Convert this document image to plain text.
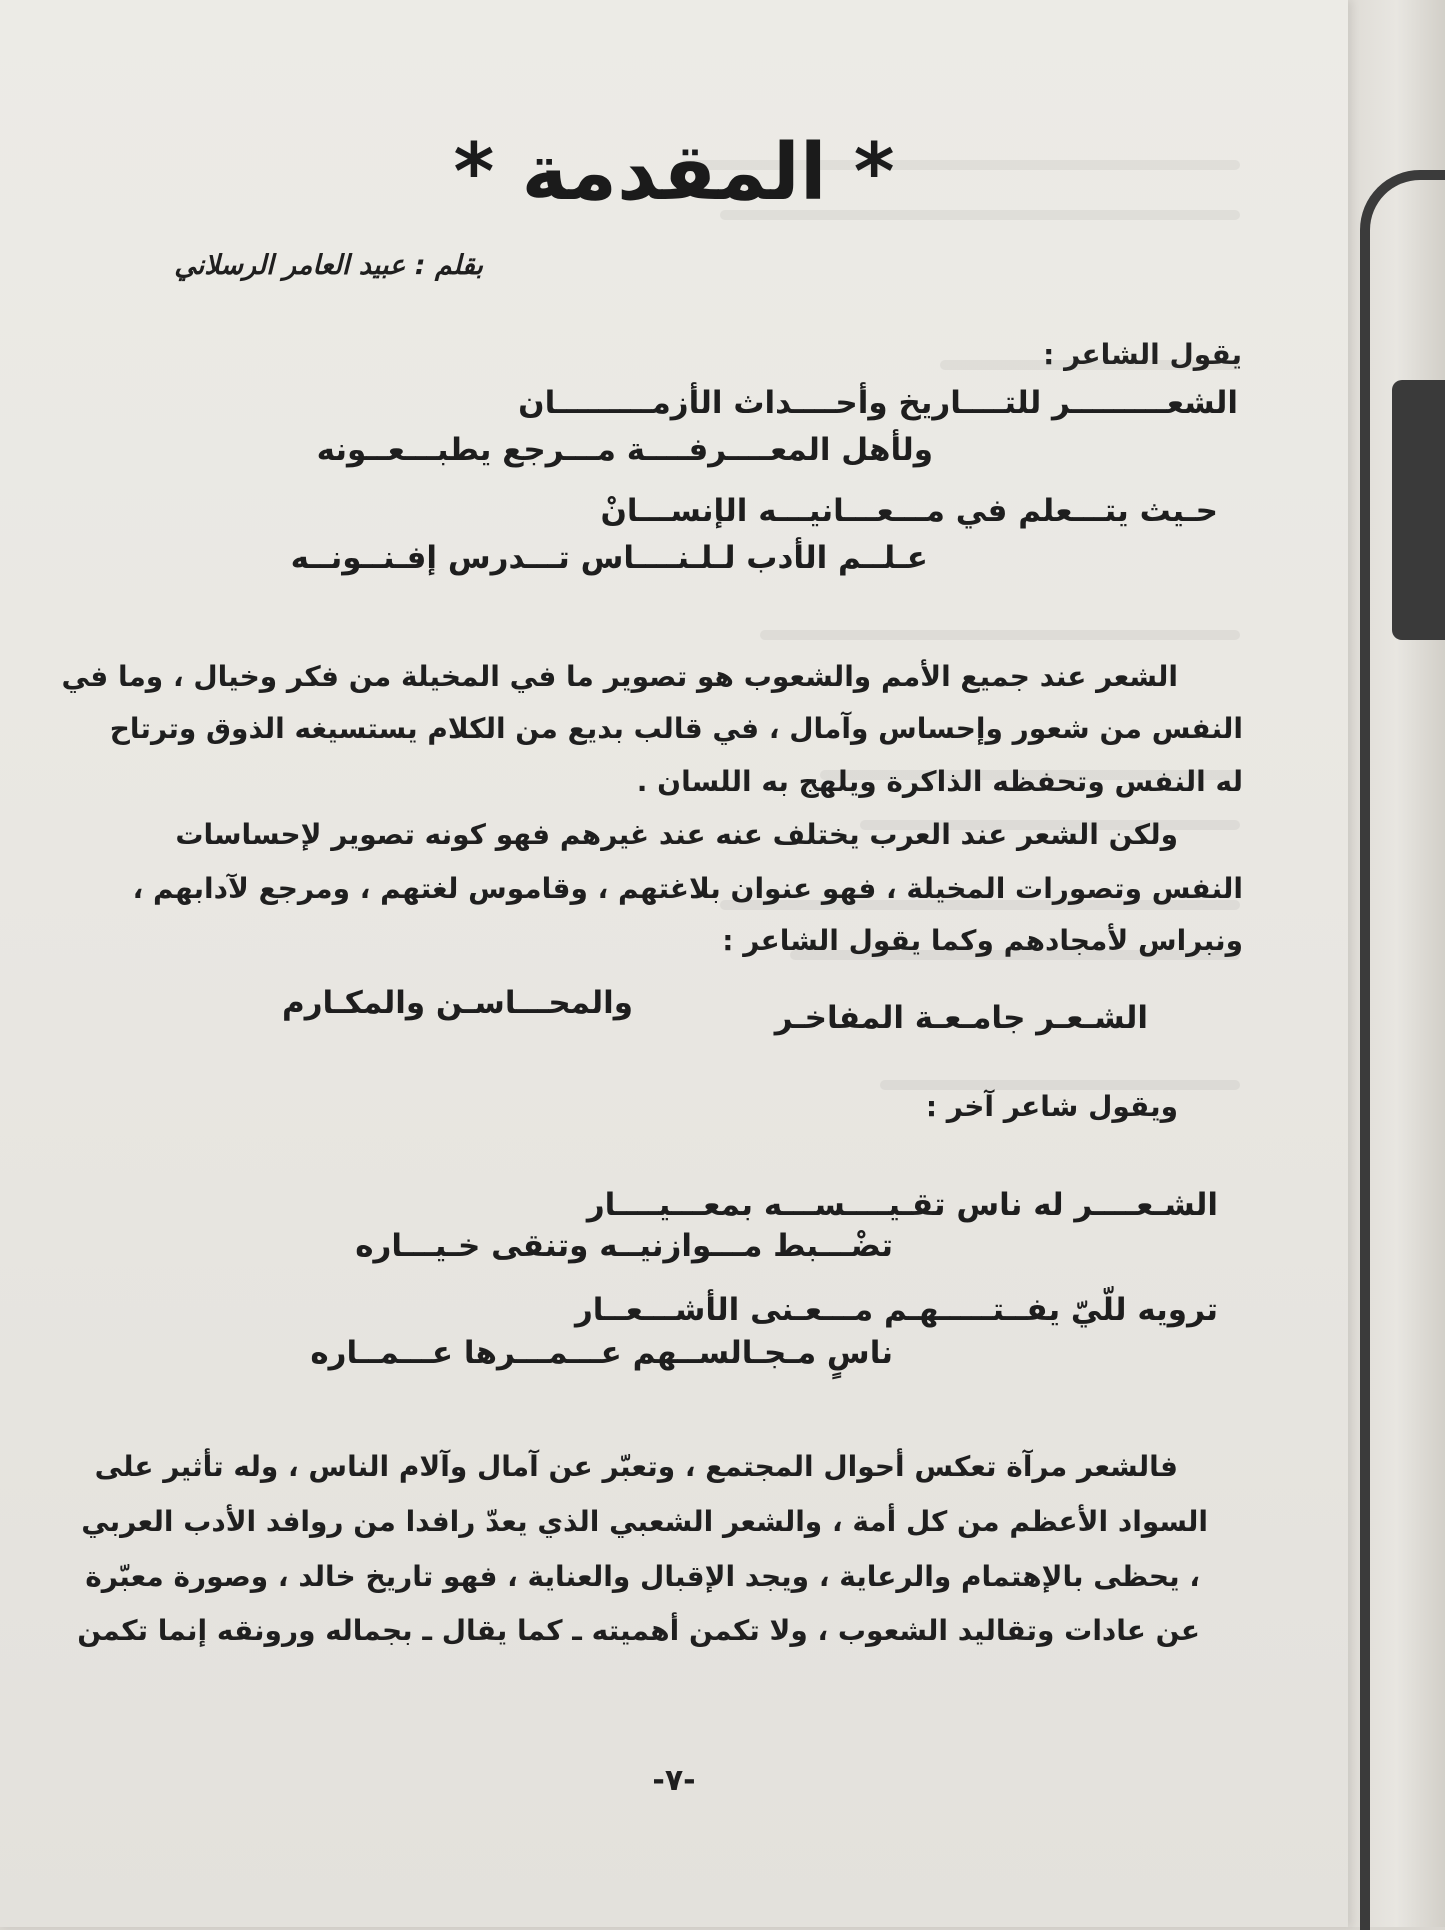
* المقدمة *
بقلم : عبيد العامر الرسلاني
يقول الشاعر :
الشعـــــــــر للتــــاريخ وأحــــداث الأزمـــــــــان
ولأهل المعــــرفــــة مـــرجع يطبـــعــونه
حـيث يتـــعلم في مـــعـــانيـــه الإنســـانْ
عـلــم الأدب لـلـنــــاس تـــدرس إفـنــونــه
الشعر عند جميع الأمم والشعوب هو تصوير ما في المخيلة من فكر وخيال ، وما في
النفس من شعور وإحساس وآمال ، في قالب بديع من الكلام يستسيغه الذوق وترتاح
له النفس وتحفظه الذاكرة ويلهج به اللسان .
ولكن الشعر عند العرب يختلف عنه عند غيرهم فهو كونه تصوير لإحساسات
النفس وتصورات المخيلة ، فهو عنوان بلاغتهم ، وقاموس لغتهم ، ومرجع لآدابهم ،
ونبراس لأمجادهم وكما يقول الشاعر :
الشـعـر جامـعـة المفاخـر
والمحـــاسـن والمكـارم
ويقول شاعر آخر :
الشـعــــر له ناس تقـيــــســـه بمعـــيــــار
تضْـــبط مـــوازنيــه وتنقى خـيـــاره
ترويه للّيّ يفــتـــــهـم مـــعـنى الأشـــعــار
ناسٍ مـجـالســهم عـــمـــرها عـــمــاره
فالشعر مرآة تعكس أحوال المجتمع ، وتعبّر عن آمال وآلام الناس ، وله تأثير على
السواد الأعظم من كل أمة ، والشعر الشعبي الذي يعدّ رافدا من روافد الأدب العربي
، يحظى بالإهتمام والرعاية ، ويجد الإقبال والعناية ، فهو تاريخ خالد ، وصورة معبّرة
عن عادات وتقاليد الشعوب ، ولا تكمن أهميته ـ كما يقال ـ بجماله ورونقه إنما تكمن
-٧-
